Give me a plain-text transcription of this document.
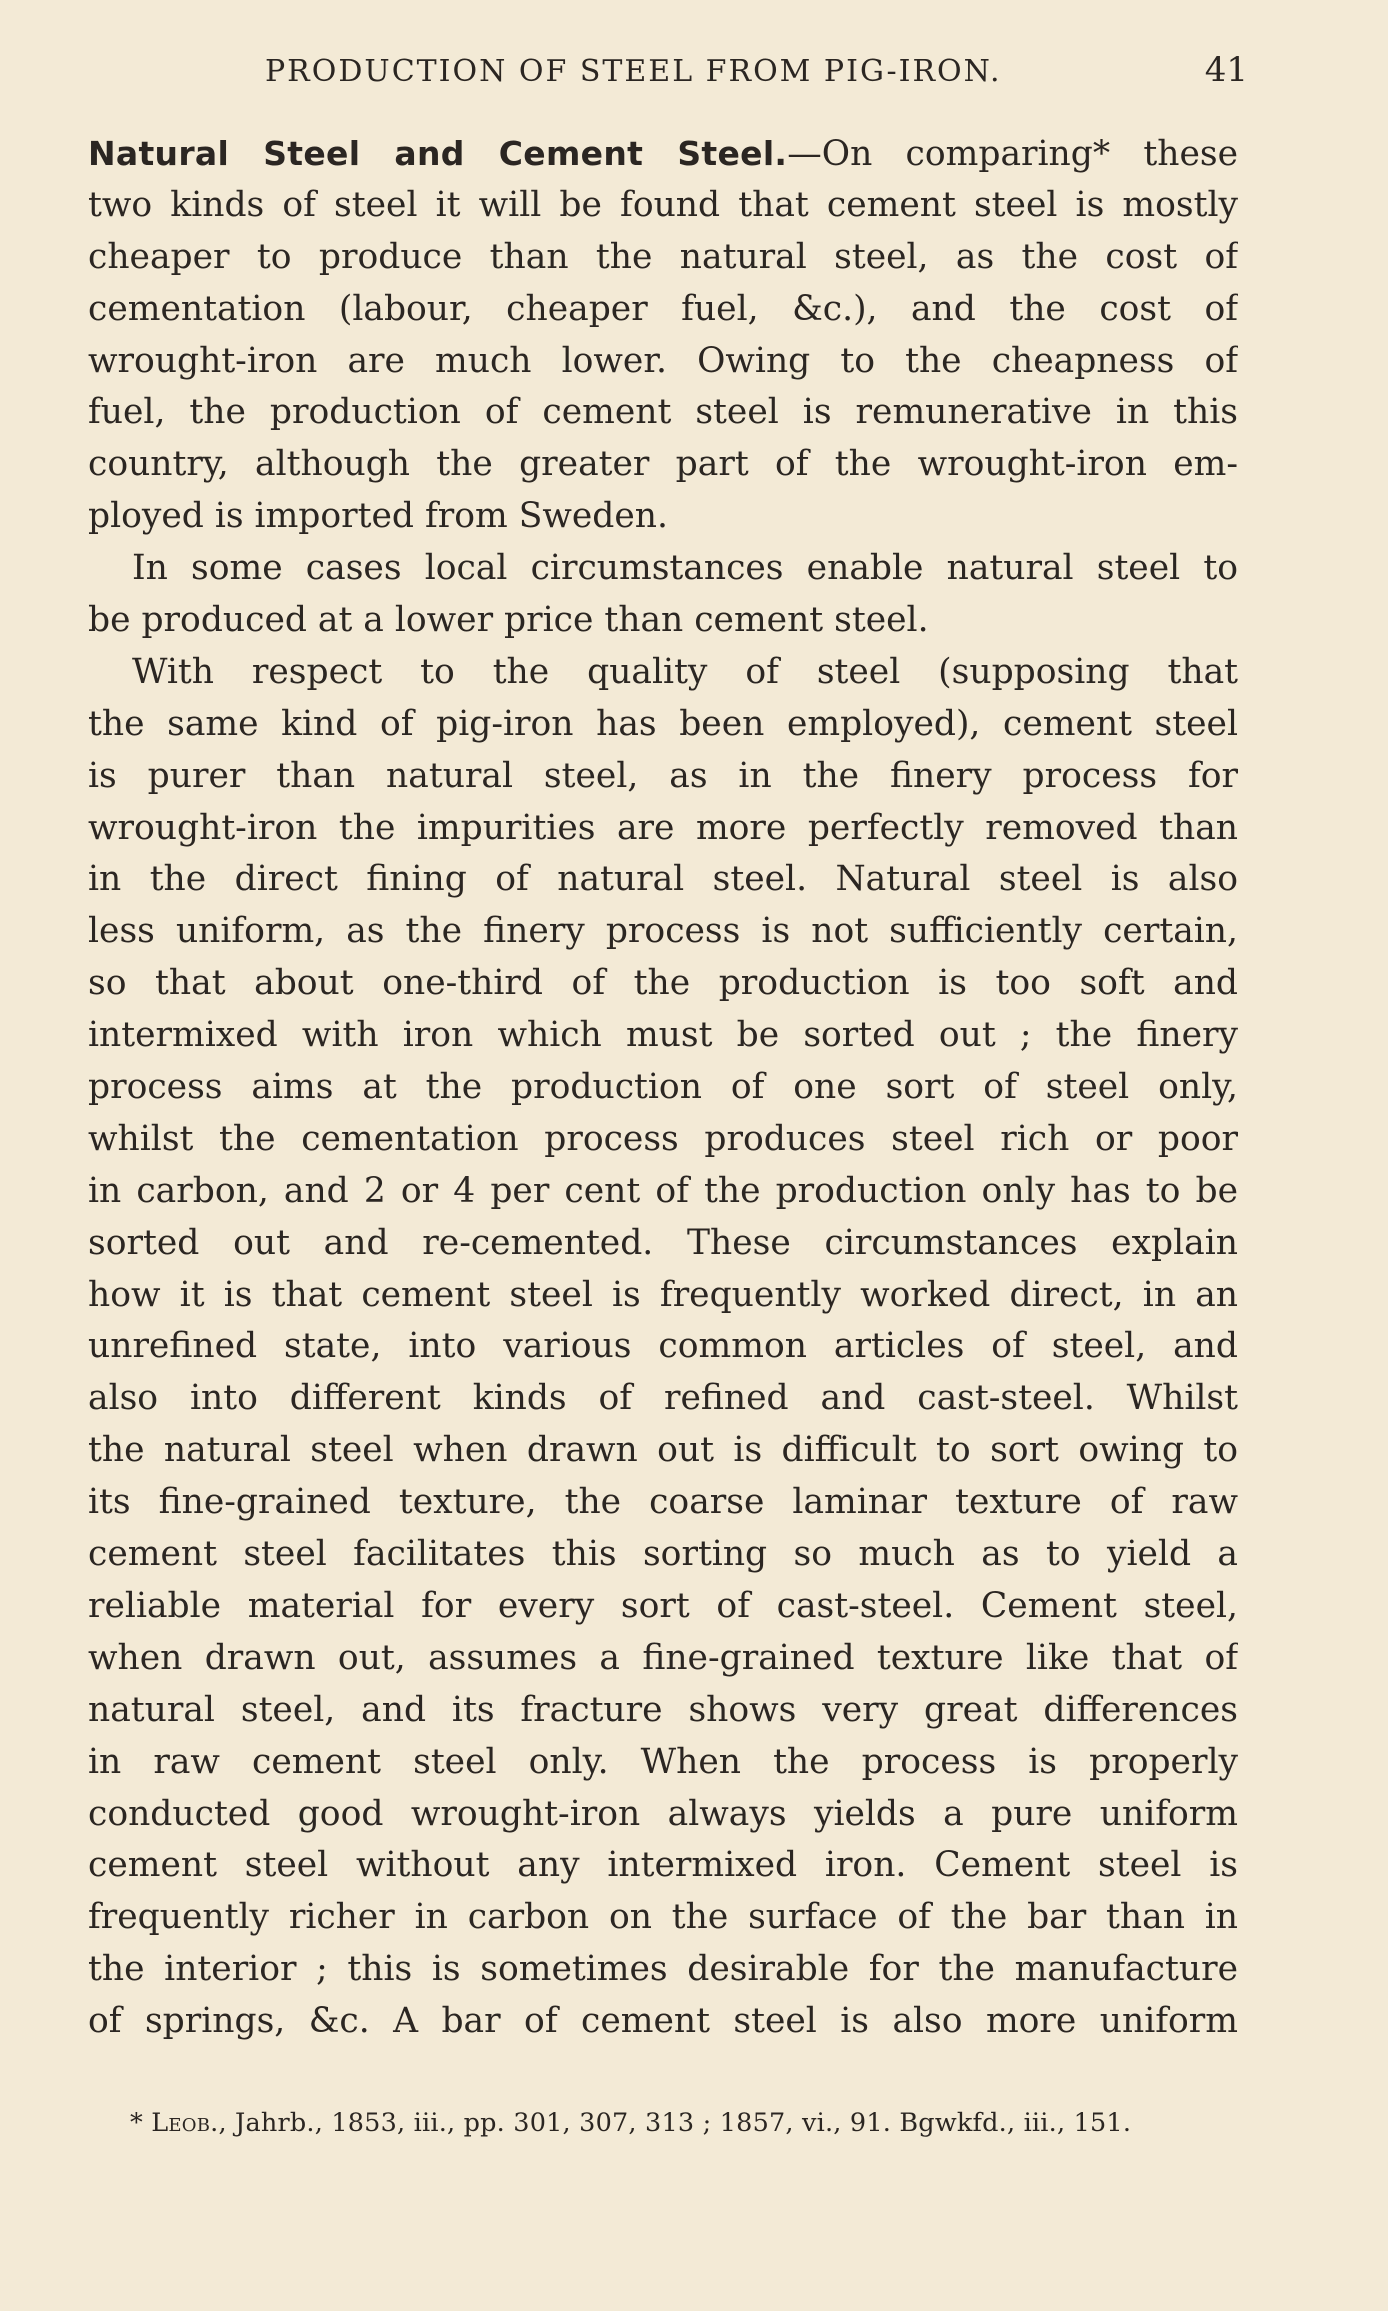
PRODUCTION OF STEEL FROM PIG-IRON.	41
Natural Steel and Cement Steel.—On comparing* these
two kinds of steel it will be found that cement steel is mostly
cheaper to produce than the natural steel, as the cost of
cementation (labour, cheaper fuel, &c.), and the cost of
wrought-iron are much lower. Owing to the cheapness of
fuel, the production of cement steel is remunerative in this
country, although the greater part of the wrought-iron em-
ployed is imported from Sweden.
In some cases local circumstances enable natural steel to
be produced at a lower price than cement steel.
With respect to the quality of steel (supposing that
the same kind of pig-iron has been employed), cement steel
is purer than natural steel, as in the finery process for
wrought-iron the impurities are more perfectly removed than
in the direct fining of natural steel. Natural steel is also
less uniform, as the finery process is not sufficiently certain,
so that about one-third of the production is too soft and
intermixed with iron which must be sorted out ; the finery
process aims at the production of one sort of steel only,
whilst the cementation process produces steel rich or poor
in carbon, and 2 or 4 per cent of the production only has to be
sorted out and re-cemented. These circumstances explain
how it is that cement steel is frequently worked direct, in an
unrefined state, into various common articles of steel, and
also into different kinds of refined and cast-steel. Whilst
the natural steel when drawn out is difficult to sort owing to
its fine-grained texture, the coarse laminar texture of raw
cement steel facilitates this sorting so much as to yield a
reliable material for every sort of cast-steel. Cement steel,
when drawn out, assumes a fine-grained texture like that of
natural steel, and its fracture shows very great differences
in raw cement steel only. When the process is properly
conducted good wrought-iron always yields a pure uniform
cement steel without any intermixed iron. Cement steel is
frequently richer in carbon on the surface of the bar than in
the interior ; this is sometimes desirable for the manufacture
of springs, &c. A bar of cement steel is also more uniform
* Leob., Jahrb., 1853, iii., pp. 301, 307, 313 ; 1857, vi., 91. Bgwkfd., iii., 151.
